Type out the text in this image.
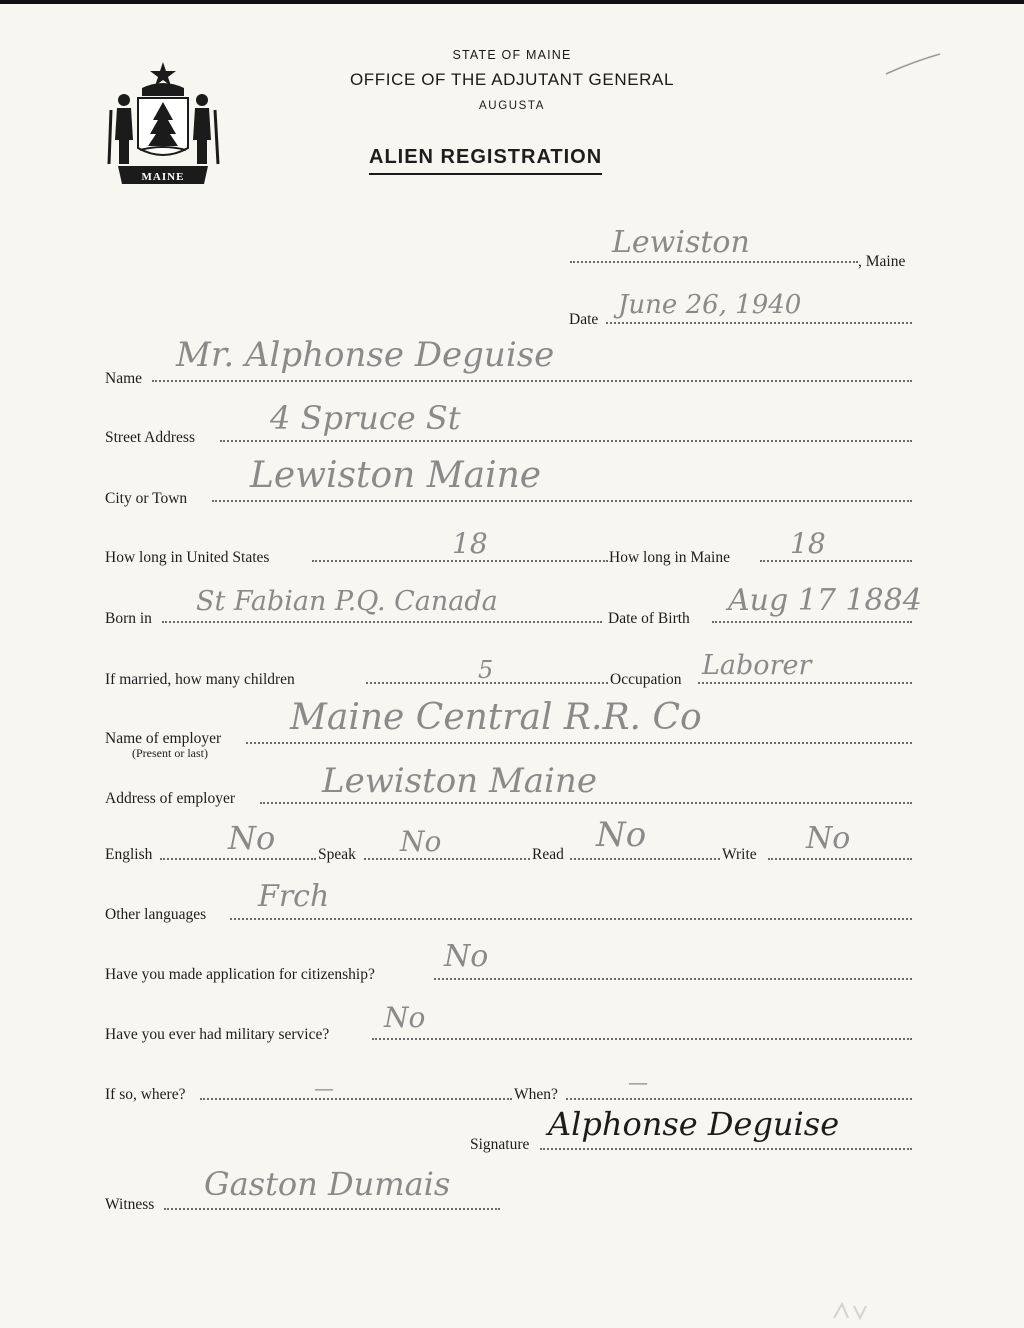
MAINE
STATE OF MAINE
OFFICE OF THE ADJUTANT GENERAL
AUGUSTA
ALIEN REGISTRATION
Lewiston
, Maine
Date June 26, 1940
Name
Mr. Alphonse Deguise
Street Address
4 Spruce St
City or Town
Lewiston Maine
How long in United States	18	How long in Maine 18
Born in
St Fabian P.Q. Canada
Date of Birth
Aug 17 1884
If married, how many children	5	Occupation Laborer
Name of employer
(Present or last)
Maine Central R.R. Co
Address of employer	Lewiston Maine
English No	Speak No	Read No	Write No
Other languages
Frch
Have you made application for citizenship?
No
Have you ever had military service?
No
If so, where?	—	When?
—
Signature
Alphonse Deguise
Witness
Gaston Dumais
